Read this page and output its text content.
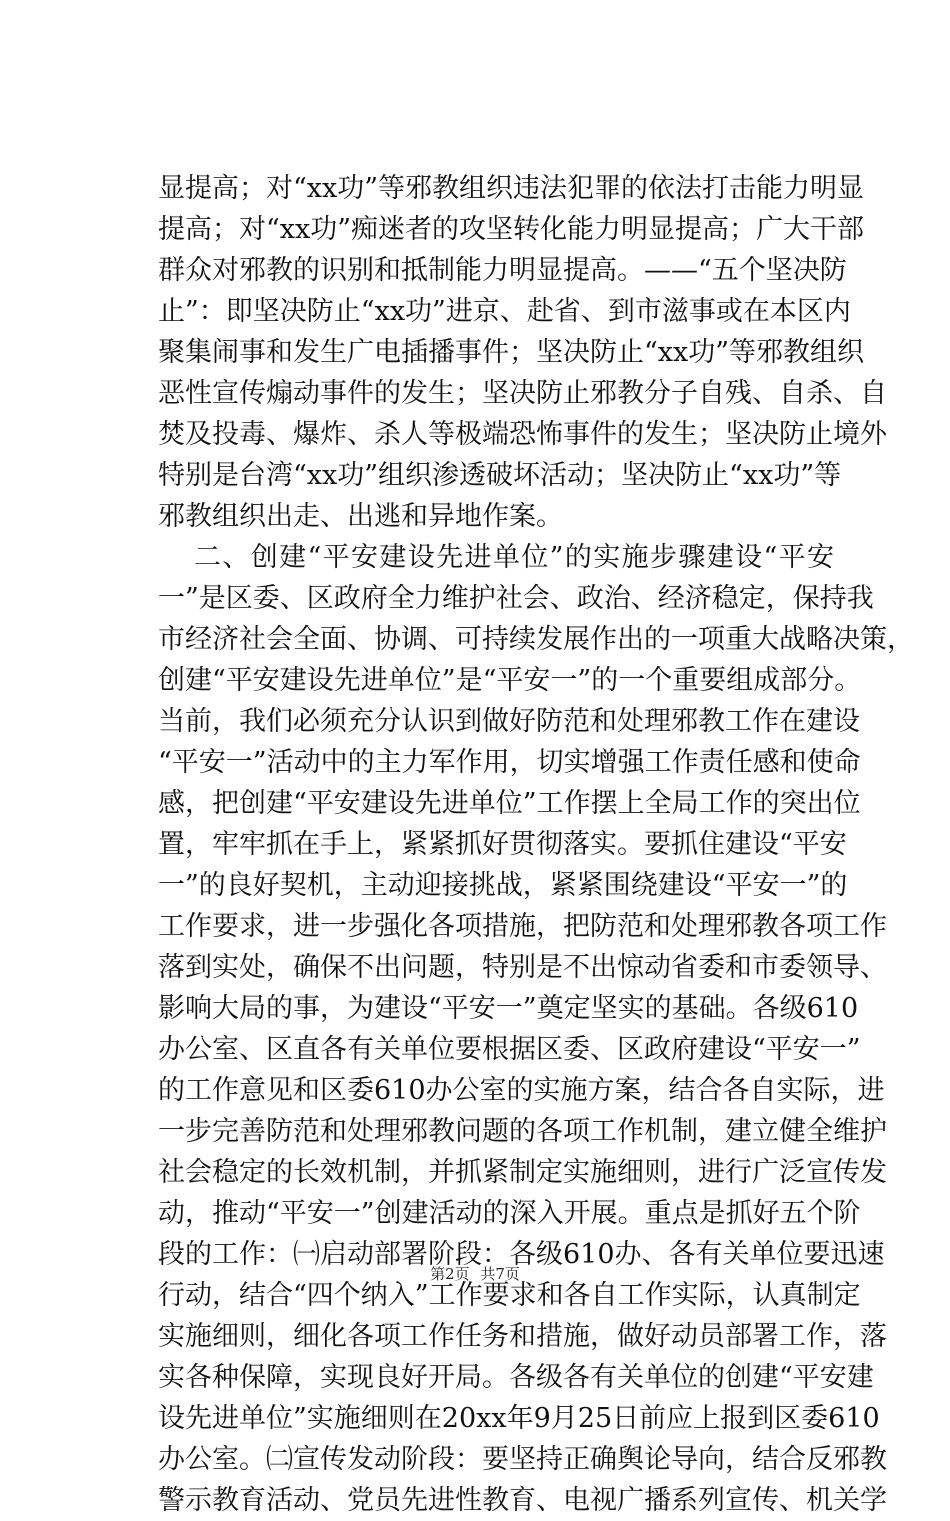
显提高；对“xx功”等邪教组织违法犯罪的依法打击能力明显
提高；对“xx功”痴迷者的攻坚转化能力明显提高；广大干部
群众对邪教的识别和抵制能力明显提高。——“五个坚决防
止”：即坚决防止“xx功”进京、赴省、到市滋事或在本区内
聚集闹事和发生广电插播事件；坚决防止“xx功”等邪教组织
恶性宣传煽动事件的发生；坚决防止邪教分子自残、自杀、自
焚及投毒、爆炸、杀人等极端恐怖事件的发生；坚决防止境外
特别是台湾“xx功”组织渗透破坏活动；坚决防止“xx功”等
邪教组织出走、出逃和异地作案。
二、创建“平安建设先进单位”的实施步骤建设“平安
一”是区委、区政府全力维护社会、政治、经济稳定，保持我
市经济社会全面、协调、可持续发展作出的一项重大战略决策，
创建“平安建设先进单位”是“平安一”的一个重要组成部分。
当前，我们必须充分认识到做好防范和处理邪教工作在建设
“平安一”活动中的主力军作用，切实增强工作责任感和使命
感，把创建“平安建设先进单位”工作摆上全局工作的突出位
置，牢牢抓在手上，紧紧抓好贯彻落实。要抓住建设“平安
一”的良好契机，主动迎接挑战，紧紧围绕建设“平安一”的
工作要求，进一步强化各项措施，把防范和处理邪教各项工作
落到实处，确保不出问题，特别是不出惊动省委和市委领导、
影响大局的事，为建设“平安一”奠定坚实的基础。各级610
办公室、区直各有关单位要根据区委、区政府建设“平安一”
的工作意见和区委610办公室的实施方案，结合各自实际，进
一步完善防范和处理邪教问题的各项工作机制，建立健全维护
社会稳定的长效机制，并抓紧制定实施细则，进行广泛宣传发
动，推动“平安一”创建活动的深入开展。重点是抓好五个阶
段的工作：㈠启动部署阶段：各级610办、各有关单位要迅速
行动，结合“四个纳入”工作要求和各自工作实际，认真制定
实施细则，细化各项工作任务和措施，做好动员部署工作，落
实各种保障，实现良好开局。各级各有关单位的创建“平安建
设先进单位”实施细则在20xx年9月25日前应上报到区委610
办公室。㈡宣传发动阶段：要坚持正确舆论导向，结合反邪教
警示教育活动、党员先进性教育、电视广播系列宣传、机关学
第2页 共7页
